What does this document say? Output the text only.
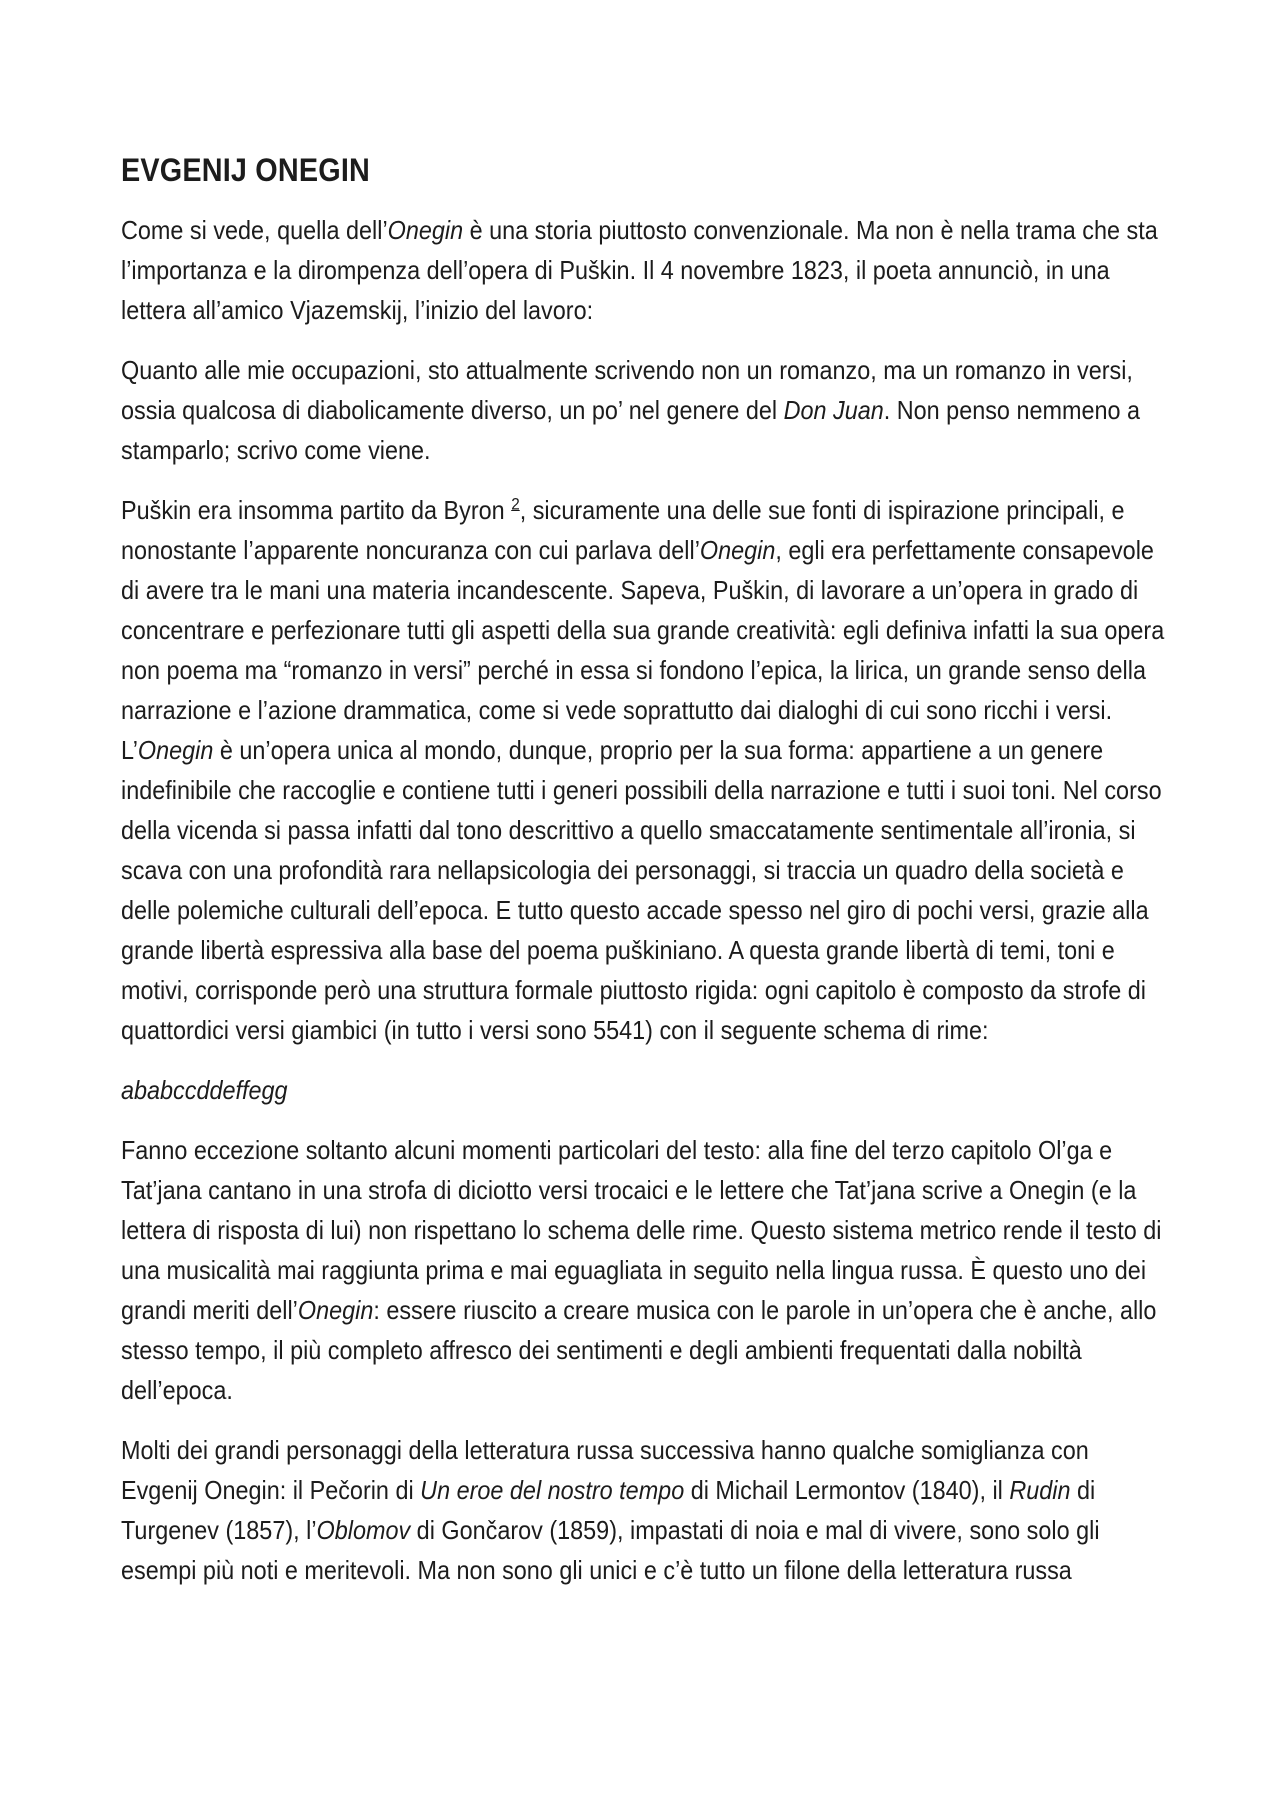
EVGENIJ ONEGIN

Come si vede, quella dell’Onegin è una storia piuttosto convenzionale. Ma non è nella trama che sta l’importanza e la dirompenza dell’opera di Puškin. Il 4 novembre 1823, il poeta annunciò, in una lettera all’amico Vjazemskij, l’inizio del lavoro:

Quanto alle mie occupazioni, sto attualmente scrivendo non un romanzo, ma un romanzo in versi, ossia qualcosa di diabolicamente diverso, un po’ nel genere del Don Juan. Non penso nemmeno a stamparlo; scrivo come viene.

Puškin era insomma partito da Byron $^2$, sicuramente una delle sue fonti di ispirazione principali, e nonostante l’apparente noncuranza con cui parlava dell’Onegin, egli era perfettamente consapevole di avere tra le mani una materia incandescente. Sapeva, Puškin, di lavorare a un’opera in grado di concentrare e perfezionare tutti gli aspetti della sua grande creatività: egli definiva infatti la sua opera non poema ma “romanzo in versi” perché in essa si fondono l’epica, la lirica, un grande senso della narrazione e l’azione drammatica, come si vede soprattutto dai dialoghi di cui sono ricchi i versi. L’Onegin è un’opera unica al mondo, dunque, proprio per la sua forma: appartiene a un genere indefinibile che raccoglie e contiene tutti i generi possibili della narrazione e tutti i suoi toni. Nel corso della vicenda si passa infatti dal tono descrittivo a quello smaccatamente sentimentale all’ironia, si scava con una profondità rara nellapsicologia dei personaggi, si traccia un quadro della società e delle polemiche culturali dell’epoca. E tutto questo accade spesso nel giro di pochi versi, grazie alla grande libertà espressiva alla base del poema puškiniano. A questa grande libertà di temi, toni e motivi, corrisponde però una struttura formale piuttosto rigida: ogni capitolo è composto da strofe di quattordici versi giambici (in tutto i versi sono 5541) con il seguente schema di rime:

ababccddeffegg

Fanno eccezione soltanto alcuni momenti particolari del testo: alla fine del terzo capitolo Ol’ga e Tat’jana cantano in una strofa di diciotto versi trocaici e le lettere che Tat’jana scrive a Onegin (e la lettera di risposta di lui) non rispettano lo schema delle rime. Questo sistema metrico rende il testo di una musicalità mai raggiunta prima e mai eguagliata in seguito nella lingua russa. È questo uno dei grandi meriti dell’Onegin: essere riuscito a creare musica con le parole in un’opera che è anche, allo stesso tempo, il più completo affresco dei sentimenti e degli ambienti frequentati dalla nobiltà dell’epoca.

Molti dei grandi personaggi della letteratura russa successiva hanno qualche somiglianza con Evgenij Onegin: il Pečorin di Un eroe del nostro tempo di Michail Lermontov (1840), il Rudin di Turgenev (1857), l’Oblomov di Gončarov (1859), impastati di noia e mal di vivere, sono solo gli esempi più noti e meritevoli. Ma non sono gli unici e c’è tutto un filone della letteratura russa
